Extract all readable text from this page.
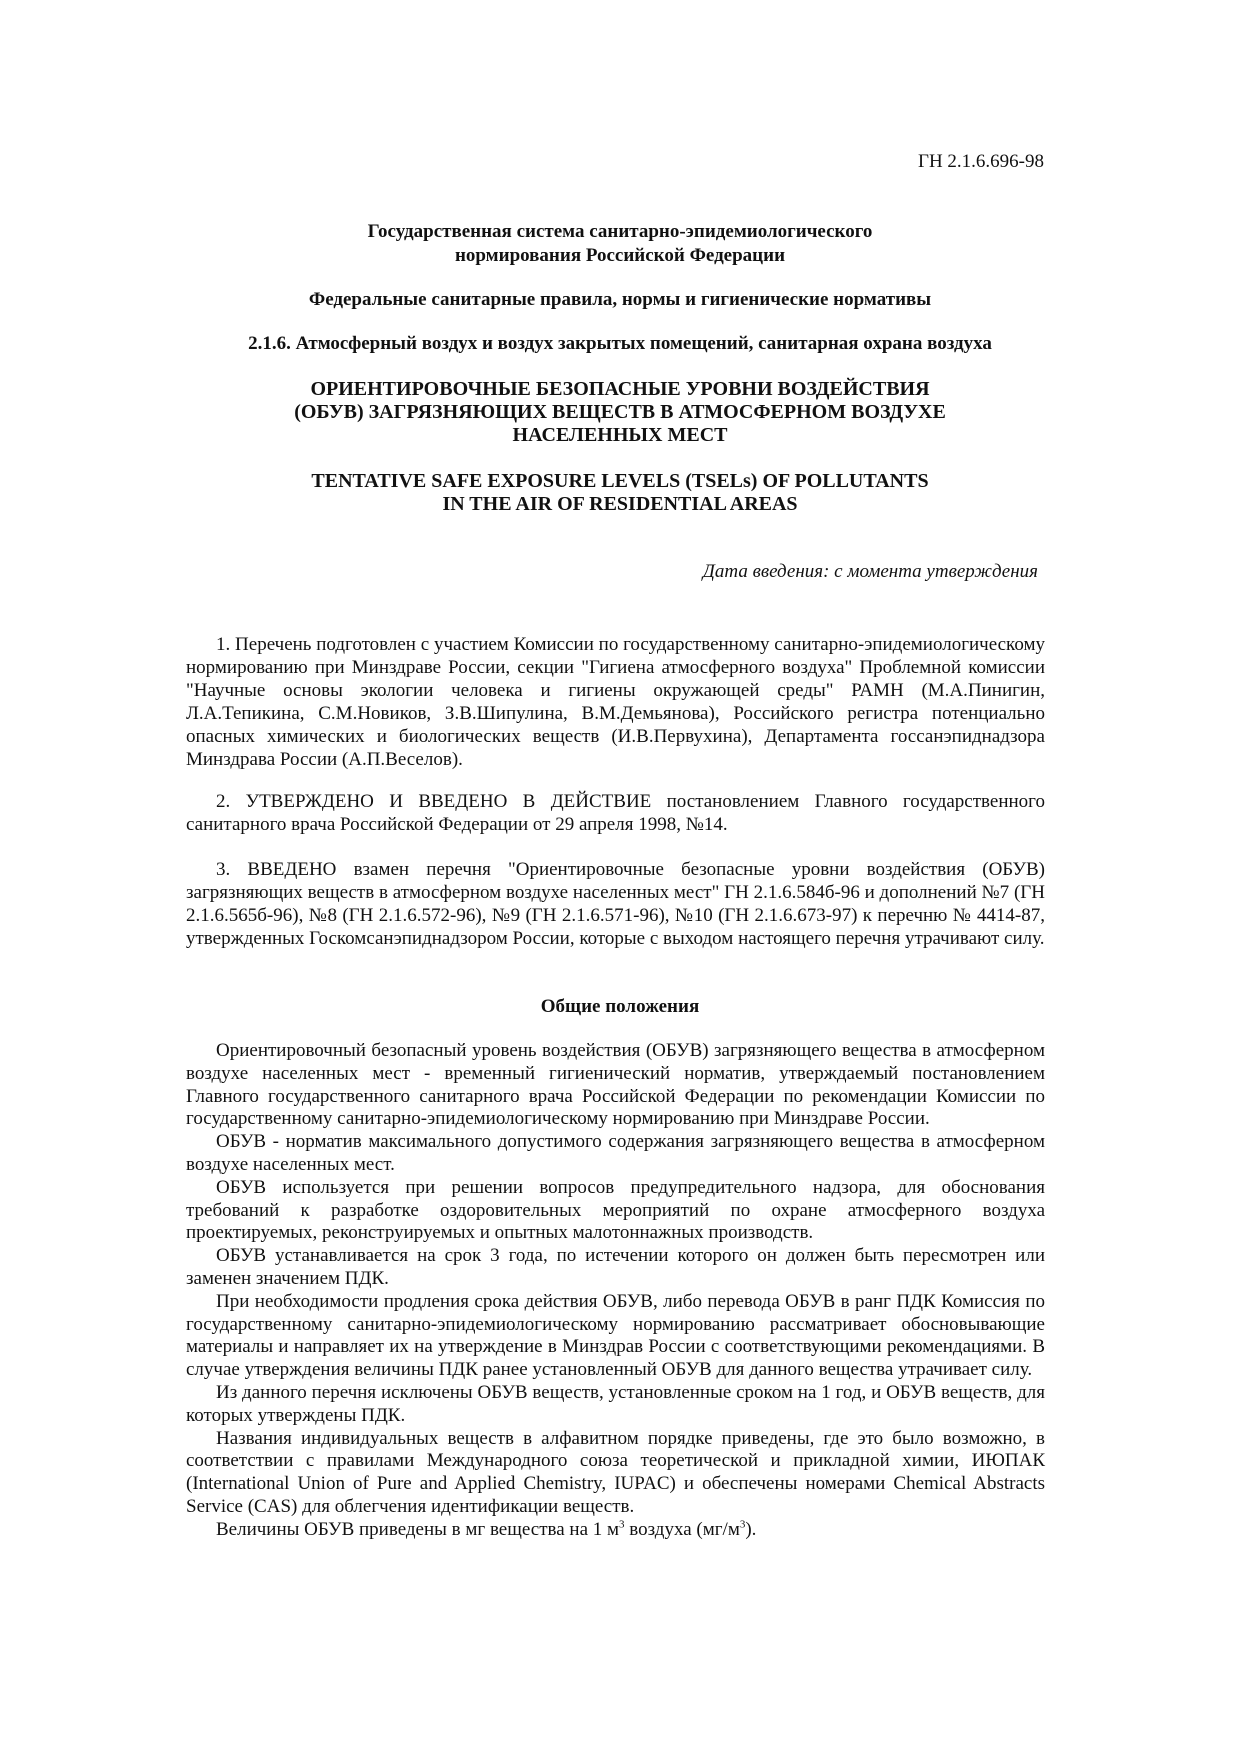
ГН 2.1.6.696-98
Государственная система санитарно-эпидемиологического
нормирования Российской Федерации
Федеральные санитарные правила, нормы и гигиенические нормативы
2.1.6. Атмосферный воздух и воздух закрытых помещений, санитарная охрана воздуха
ОРИЕНТИРОВОЧНЫЕ БЕЗОПАСНЫЕ УРОВНИ ВОЗДЕЙСТВИЯ
(ОБУВ) ЗАГРЯЗНЯЮЩИХ ВЕЩЕСТВ В АТМОСФЕРНОМ ВОЗДУХЕ
НАСЕЛЕННЫХ МЕСТ
TENTATIVE SAFE EXPOSURE LEVELS (TSELs) OF POLLUTANTS
IN THE AIR OF RESIDENTIAL AREAS
Дата введения: с момента утверждения

1. Перечень подготовлен с участием Комиссии по государственному санитарно-эпидемиологическому нормированию при Минздраве России, секции "Гигиена атмосферного воздуха" Проблемной комиссии "Научные основы экологии человека и гигиены окружающей среды" РАМН (М.А.Пинигин, Л.А.Тепикина, С.М.Новиков, З.В.Шипулина, В.М.Демьянова), Российского регистра потенциально опасных химических и биологических веществ (И.В.Первухина), Департамента госсанэпиднадзора Минздрава России (А.П.Веселов).

2. УТВЕРЖДЕНО И ВВЕДЕНО В ДЕЙСТВИЕ постановлением Главного государственного санитарного врача Российской Федерации от 29 апреля 1998, №14.

3. ВВЕДЕНО взамен перечня "Ориентировочные безопасные уровни воздействия (ОБУВ) загрязняющих веществ в атмосферном воздухе населенных мест" ГН 2.1.6.584б-96 и дополнений №7 (ГН 2.1.6.565б-96), №8 (ГН 2.1.6.572-96), №9 (ГН 2.1.6.571-96), №10 (ГН 2.1.6.673-97) к перечню № 4414-87, утвержденных Госкомсанэпиднадзором России, которые с выходом настоящего перечня утрачивают силу.

Общие положения

Ориентировочный безопасный уровень воздействия (ОБУВ) загрязняющего вещества в атмосферном воздухе населенных мест - временный гигиенический норматив, утверждаемый постановлением Главного государственного санитарного врача Российской Федерации по рекомендации Комиссии по государственному санитарно-эпидемиологическому нормированию при Минздраве России.

ОБУВ - норматив максимального допустимого содержания загрязняющего вещества в атмосферном воздухе населенных мест.

ОБУВ используется при решении вопросов предупредительного надзора, для обоснования требований к разработке оздоровительных мероприятий по охране атмосферного воздуха проектируемых, реконструируемых и опытных малотоннажных производств.

ОБУВ устанавливается на срок 3 года, по истечении которого он должен быть пересмотрен или заменен значением ПДК.

При необходимости продления срока действия ОБУВ, либо перевода ОБУВ в ранг ПДК Комиссия по государственному санитарно-эпидемиологическому нормированию рассматривает обосновывающие материалы и направляет их на утверждение в Минздрав России с соответствующими рекомендациями. В случае утверждения величины ПДК ранее установленный ОБУВ для данного вещества утрачивает силу.

Из данного перечня исключены ОБУВ веществ, установленные сроком на 1 год, и ОБУВ веществ, для которых утверждены ПДК.

Названия индивидуальных веществ в алфавитном порядке приведены, где это было возможно, в соответствии с правилами Международного союза теоретической и прикладной химии, ИЮПАК (International Union of Pure and Applied Chemistry, IUPAC) и обеспечены номерами Chemical Abstracts Service (CAS) для облегчения идентификации веществ.

Величины ОБУВ приведены в мг вещества на 1 $м^3$ воздуха $(мг/м^3)$.
